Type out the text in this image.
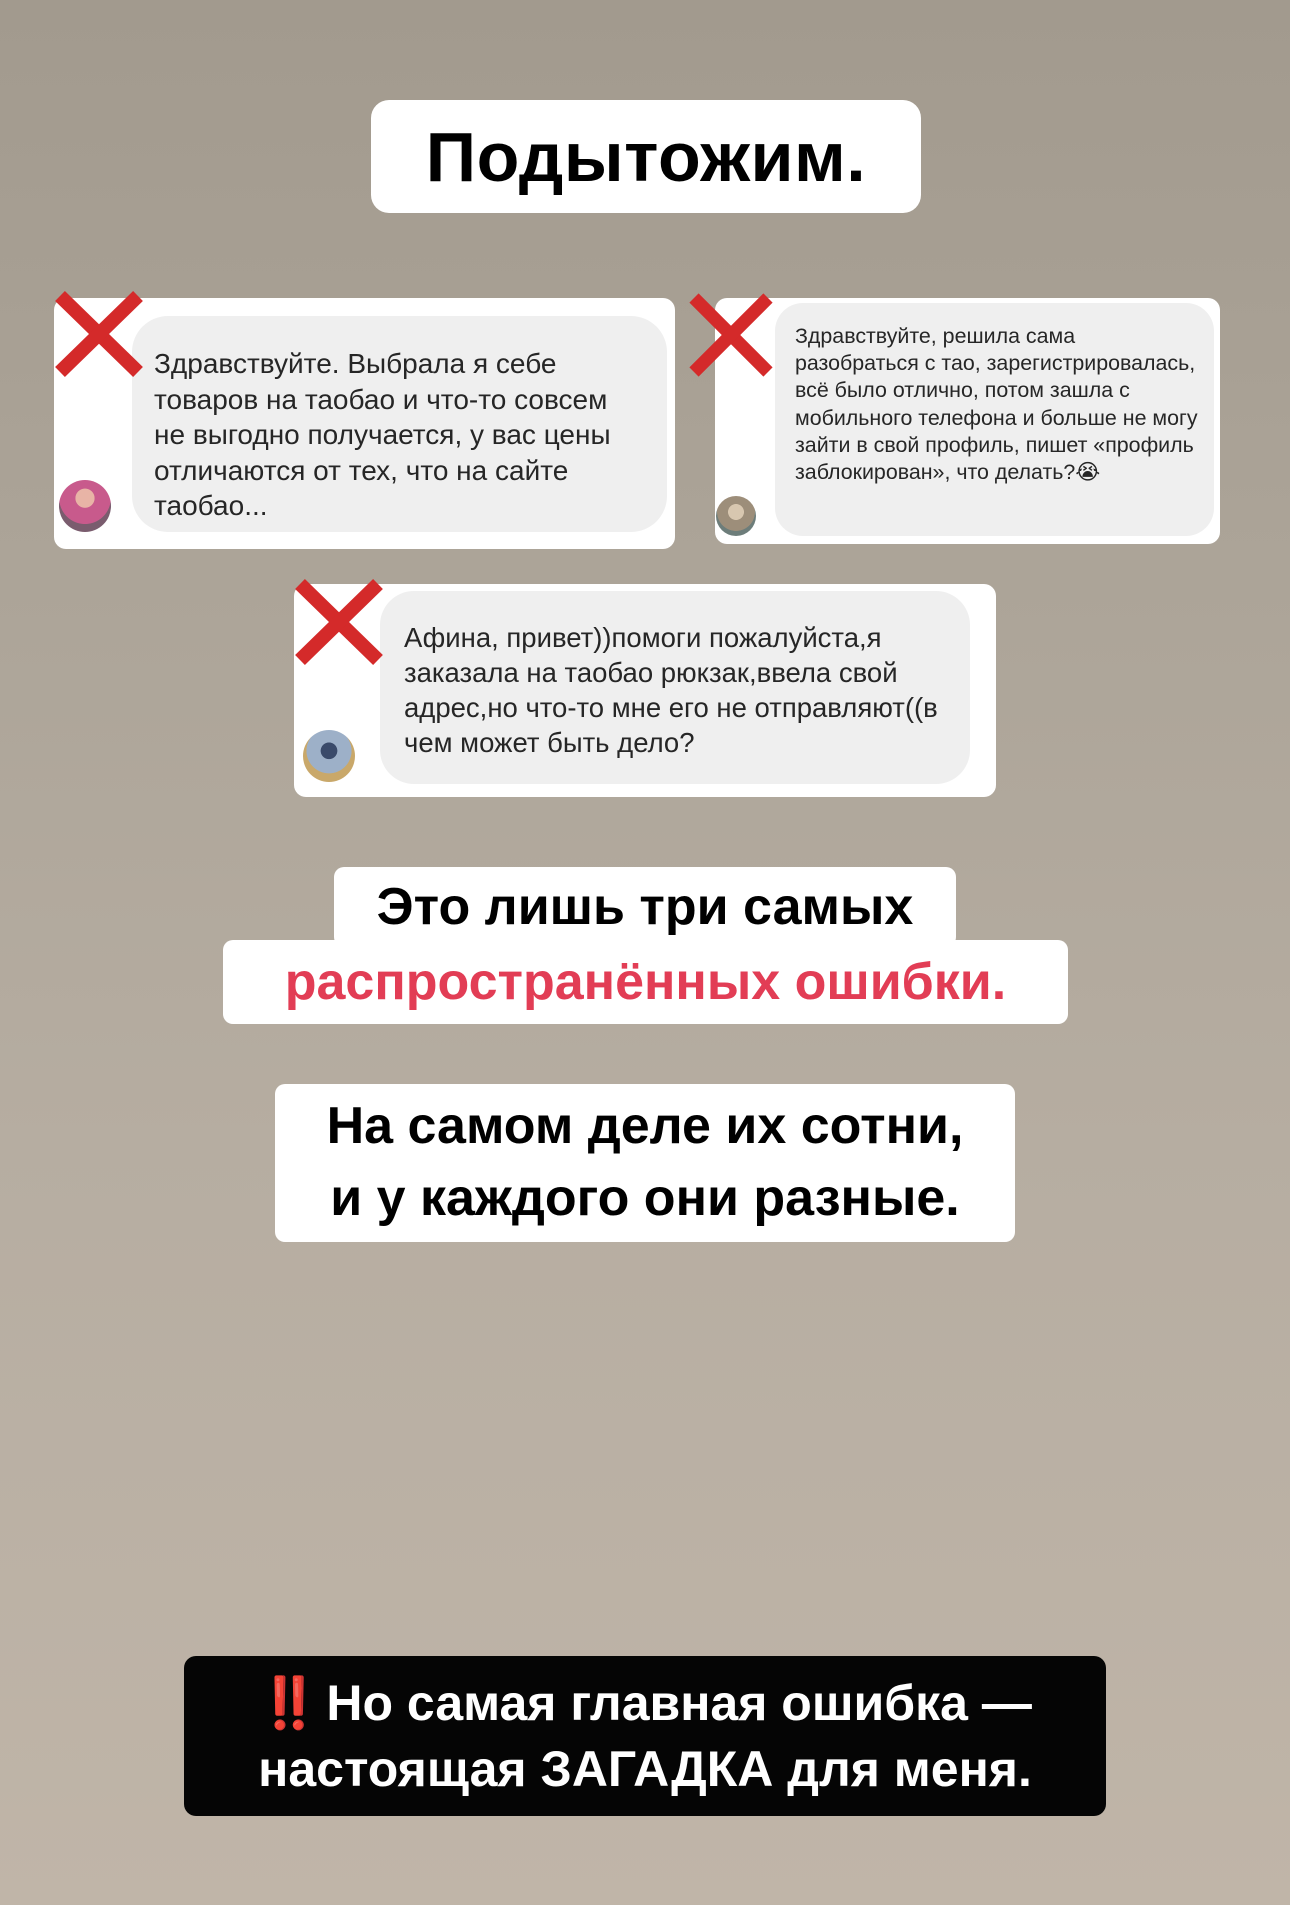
Подытожим.
Здравствуйте. Выбрала я себе товаров на таобао и что-то совсем не выгодно получается, у вас цены отличаются от тех, что на сайте таобао...
Здравствуйте, решила сама разобраться с тао, зарегистрировалась, всё было отлично, потом зашла с мобильного телефона и больше не могу зайти в свой профиль, пишет «профиль заблокирован», что делать?😭
Афина, привет))помоги пожалуйста,я заказала на таобао рюкзак,ввела свой адрес,но что-то мне его не отправляют((в чем может быть дело?
Это лишь три самых
распространённых ошибки.
На самом деле их сотни,
и у каждого они разные.
‼️ Но самая главная ошибка —
настоящая ЗАГАДКА для меня.
